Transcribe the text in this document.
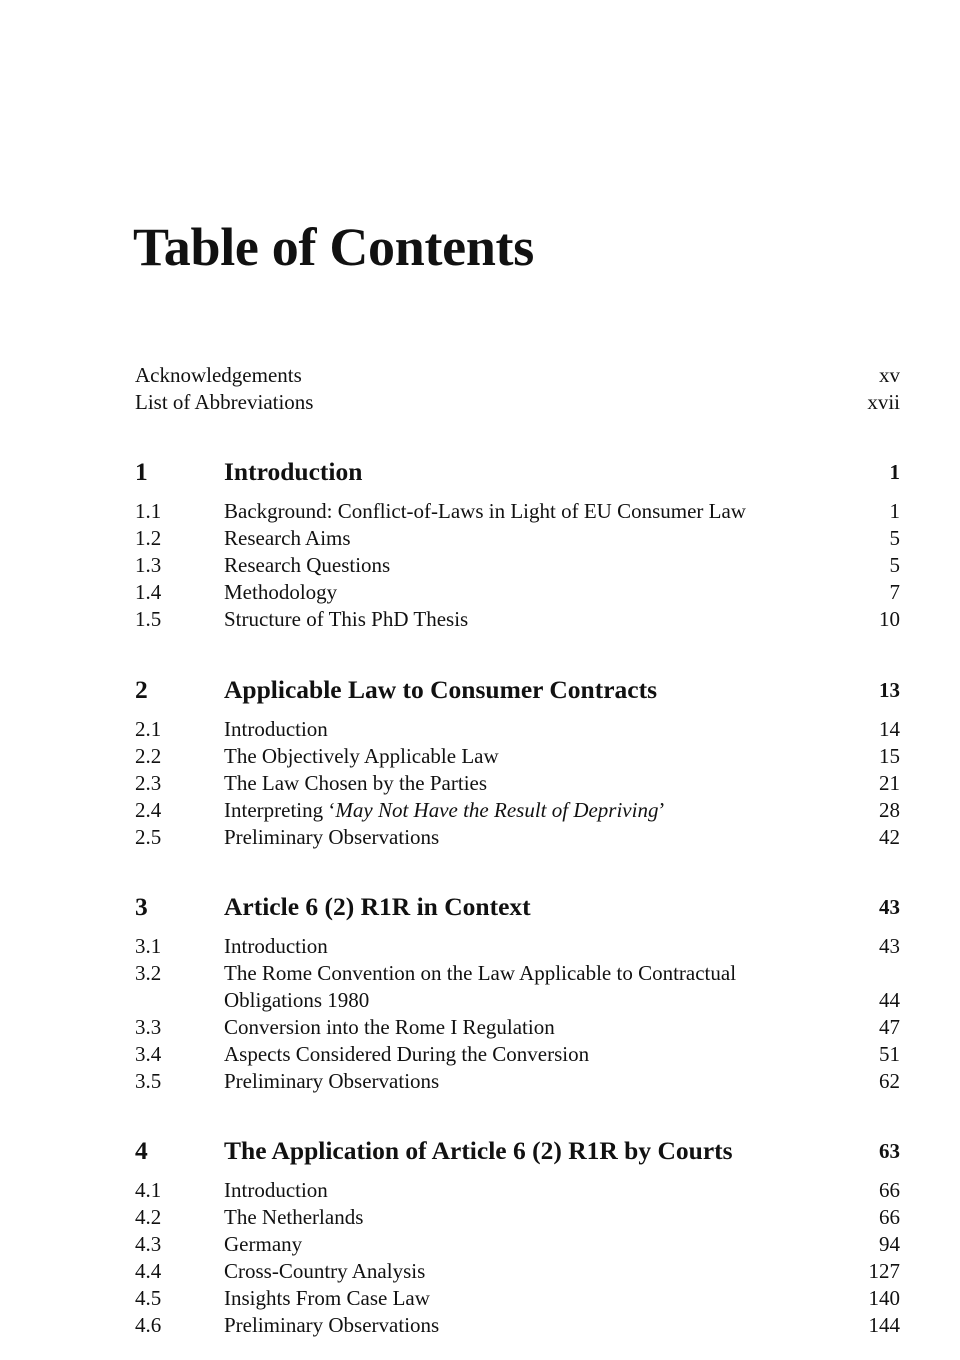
Table of Contents
Acknowledgements	xv
List of Abbreviations	xvii
1	Introduction	1
1.1	Background: Conflict-of-Laws in Light of EU Consumer Law	1
1.2	Research Aims	5
1.3	Research Questions	5
1.4	Methodology	7
1.5	Structure of This PhD Thesis	10
2	Applicable Law to Consumer Contracts	13
2.1	Introduction	14
2.2	The Objectively Applicable Law	15
2.3	The Law Chosen by the Parties	21
2.4	Interpreting ‘May Not Have the Result of Depriving’	28
2.5	Preliminary Observations	42
3	Article 6 (2) R1R in Context	43
3.1	Introduction	43
3.2	The Rome Convention on the Law Applicable to Contractual
Obligations 1980	44
3.3	Conversion into the Rome I Regulation	47
3.4	Aspects Considered During the Conversion	51
3.5	Preliminary Observations	62
4	The Application of Article 6 (2) R1R by Courts	63
4.1	Introduction	66
4.2	The Netherlands	66
4.3	Germany	94
4.4	Cross-Country Analysis	127
4.5	Insights From Case Law	140
4.6	Preliminary Observations	144
